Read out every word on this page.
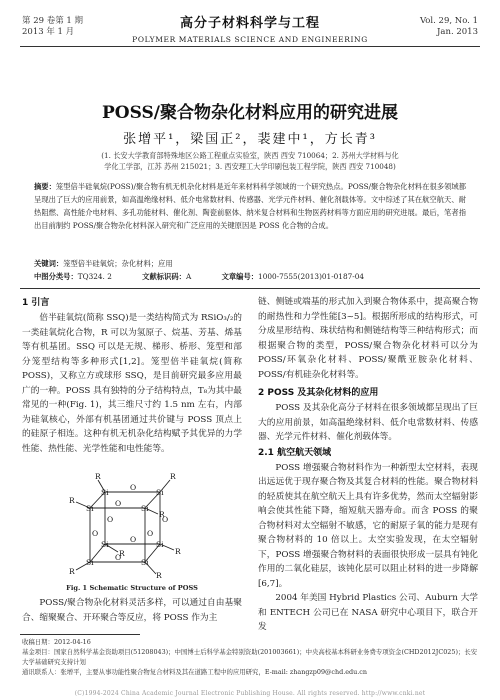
第 29 卷第 1 期
2013 年 1 月
高分子材料科学与工程
POLYMER MATERIALS SCIENCE AND ENGINEERING
Vol. 29, No. 1
Jan. 2013
POSS/聚合物杂化材料应用的研究进展
张增平¹，梁国正²，裴建中¹，方长青³
(1. 长安大学教育部特殊地区公路工程重点实验室，陕西 西安 710064；2. 苏州大学材料与化
学化工学部，江苏 苏州 215021；3. 西安理工大学印刷包装工程学院，陕西 西安 710048)
摘要：笼型倍半硅氧烷(POSS)/聚合物有机无机杂化材料是近年来材料科学领域的一个研究热点。POSS/聚合物杂化材料在很多领域都呈现出了巨大的应用前景，如高温绝缘材料、低介电常数材料、传感器、光学元件材料、催化剂载体等。文中综述了其在航空航天、耐热阻燃、高性能介电材料、多孔功能材料、催化剂、陶瓷前驱体、纳米复合材料和生物医药材料等方面应用的研究进展。最后，笔者指出目前制约 POSS/聚合物杂化材料深入研究和广泛应用的关键原因是 POSS 化合物的合成。
关键词：笼型倍半硅氧烷；杂化材料；应用
中图分类号：TQ324. 2	文献标识码：A	文章编号：1000-7555(2013)01-0187-04
1 引言

倍半硅氧烷(简称 SSQ)是一类结构简式为 RSiO₃/₂的一类硅氧烷化合物，R 可以为氢原子、烷基、芳基、烯基等有机基团。SSQ 可以是无规、梯形、桥形、笼型和部分笼型结构等多种形式[1,2]。笼型倍半硅氧烷(简称 POSS)，又称立方或球形 SSQ，是目前研究最多应用最广的一种。POSS 具有独特的分子结构特点，T₈为其中最常见的一种(Fig. 1)，其三维尺寸约 1.5 nm 左右，内部为硅氧核心，外部有机基团通过共价键与 POSS 顶点上的硅原子相连。这种有机无机杂化结构赋予其优异的力学性能、热性能、光学性能和电性能等。

Si	Si
Si	Si
Si	Si
Si	Si
O
O
O	O
O	O
O
O
R	R
R
R
R	R
R	R
Fig. 1 Schematic Structure of POSS

POSS/聚合物杂化材料灵活多样，可以通过自由基聚合、缩聚聚合、开环聚合等反应，将 POSS 作为主

链、侧链或端基的形式加入到聚合物体系中，提高聚合物的耐热性和力学性能[3~5]。根据所形成的结构形式，可分成星形结构、珠状结构和侧链结构等三种结构形式；而根据聚合物的类型，POSS/聚合物杂化材料可以分为 POSS/环氧杂化材料、POSS/聚酰亚胺杂化材料、POSS/有机硅杂化材料等。

2 POSS 及其杂化材料的应用

POSS 及其杂化高分子材料在很多领域都呈现出了巨大的应用前景，如高温绝缘材料、低介电常数材料、传感器、光学元件材料、催化剂载体等。

2.1 航空航天领域

POSS 增强聚合物材料作为一种新型太空材料，表现出远远优于现存聚合物及其复合材料的性能。聚合物材料的轻质使其在航空航天上具有许多优势，然而太空辐射影响会使其性能下降，缩短航天器寿命。而含 POSS 的聚合物材料对太空辐射不敏感，它的耐原子氧的能力是现有聚合物材料的 10 倍以上。太空实验发现，在太空辐射下，POSS 增强聚合物材料的表面很快形成一层具有钝化作用的二氧化硅层，该钝化层可以阻止材料的进一步降解[6,7]。

2004 年美国 Hybrid Plastics 公司、Auburn 大学和 ENTECH 公司已在 NASA 研究中心项目下，联合开发

收稿日期：2012-04-16
基金项目：国家自然科学基金资助项目(51208043)；中国博士后科学基金特别资助(201003661)；中央高校基本科研业务费专项资金(CHD2012JC025)；长安大学基础研究支持计划
通讯联系人：张增平，主要从事功能性聚合物复合材料及其在道路工程中的应用研究，E-mail: zhangzp09@chd.edu.cn
(C)1994-2024 China Academic Journal Electronic Publishing House. All rights reserved. http://www.cnki.net
